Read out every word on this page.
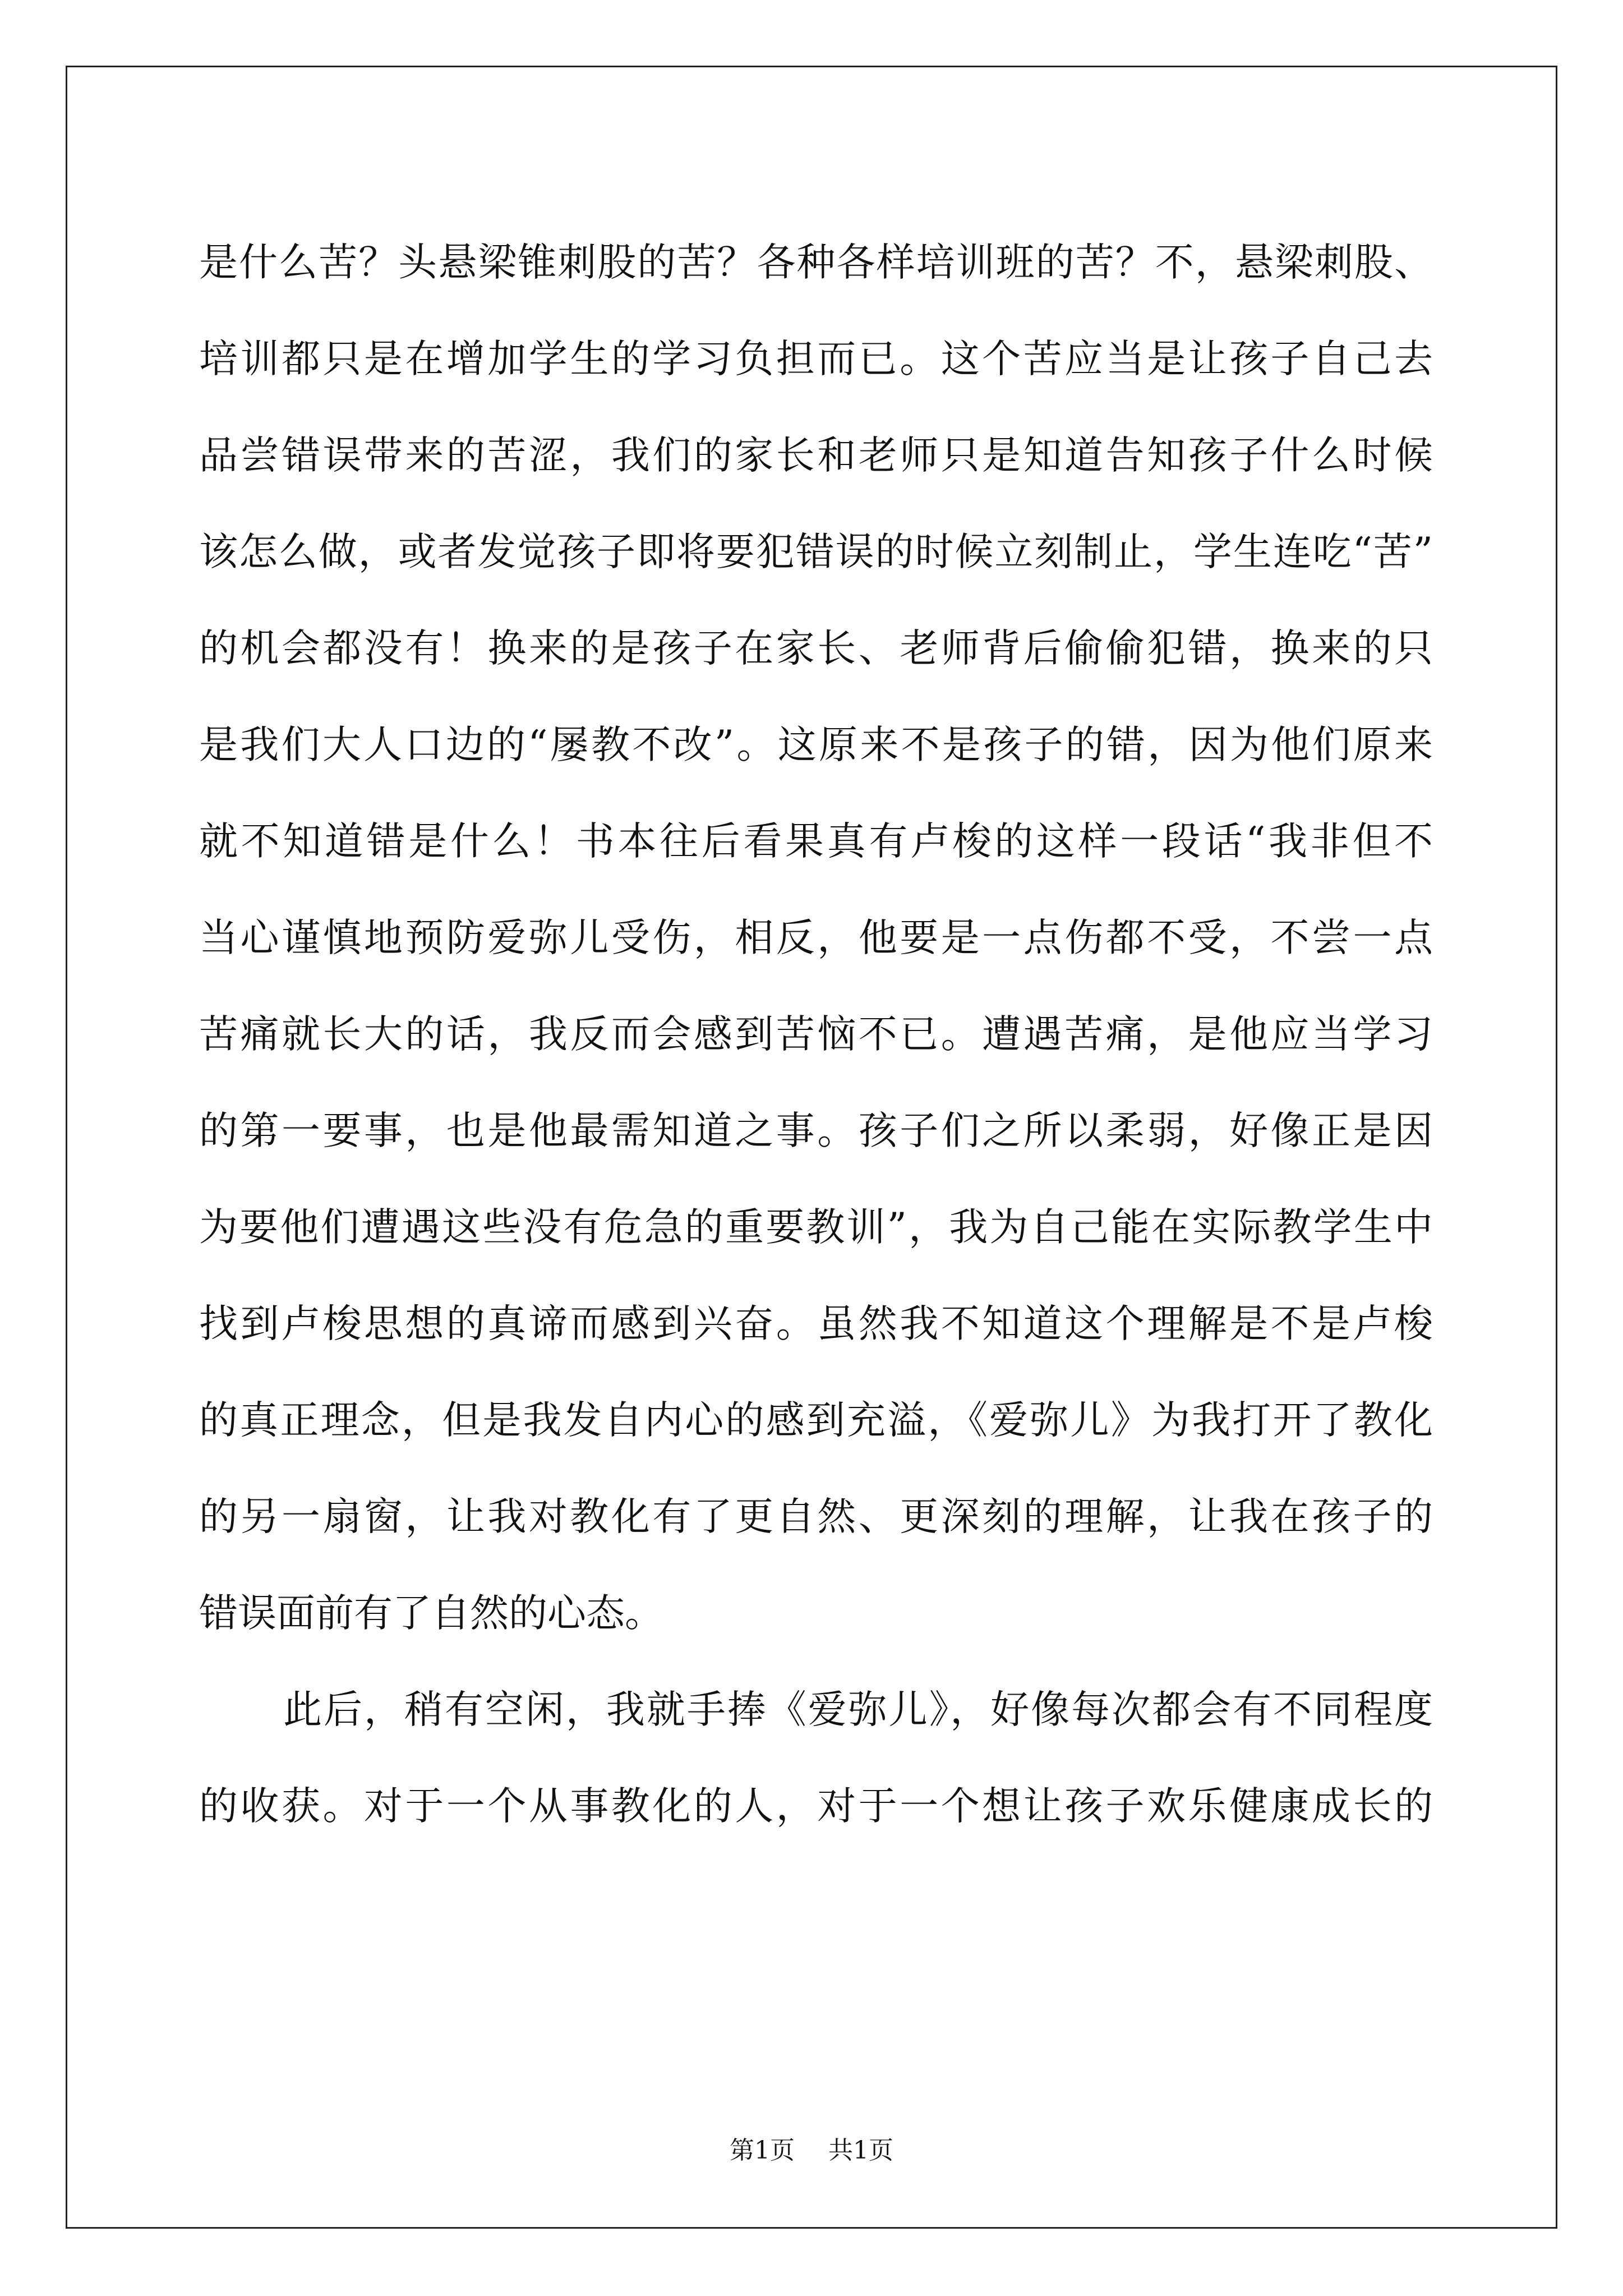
是什么苦？头悬梁锥刺股的苦？各种各样培训班的苦？不，悬梁刺股、
培训都只是在增加学生的学习负担而已。这个苦应当是让孩子自己去
品尝错误带来的苦涩，我们的家长和老师只是知道告知孩子什么时候
该怎么做，或者发觉孩子即将要犯错误的时候立刻制止，学生连吃“苦”
的机会都没有！换来的是孩子在家长、老师背后偷偷犯错，换来的只
是我们大人口边的“屡教不改”。这原来不是孩子的错，因为他们原来
就不知道错是什么！书本往后看果真有卢梭的这样一段话“我非但不
当心谨慎地预防爱弥儿受伤，相反，他要是一点伤都不受，不尝一点
苦痛就长大的话，我反而会感到苦恼不已。遭遇苦痛，是他应当学习
的第一要事，也是他最需知道之事。孩子们之所以柔弱，好像正是因
为要他们遭遇这些没有危急的重要教训”，我为自己能在实际教学生中
找到卢梭思想的真谛而感到兴奋。虽然我不知道这个理解是不是卢梭
的真正理念，但是我发自内心的感到充溢，《爱弥儿》为我打开了教化
的另一扇窗，让我对教化有了更自然、更深刻的理解，让我在孩子的
错误面前有了自然的心态。
此后，稍有空闲，我就手捧《爱弥儿》，好像每次都会有不同程度
的收获。对于一个从事教化的人，对于一个想让孩子欢乐健康成长的
第1页 共1页
